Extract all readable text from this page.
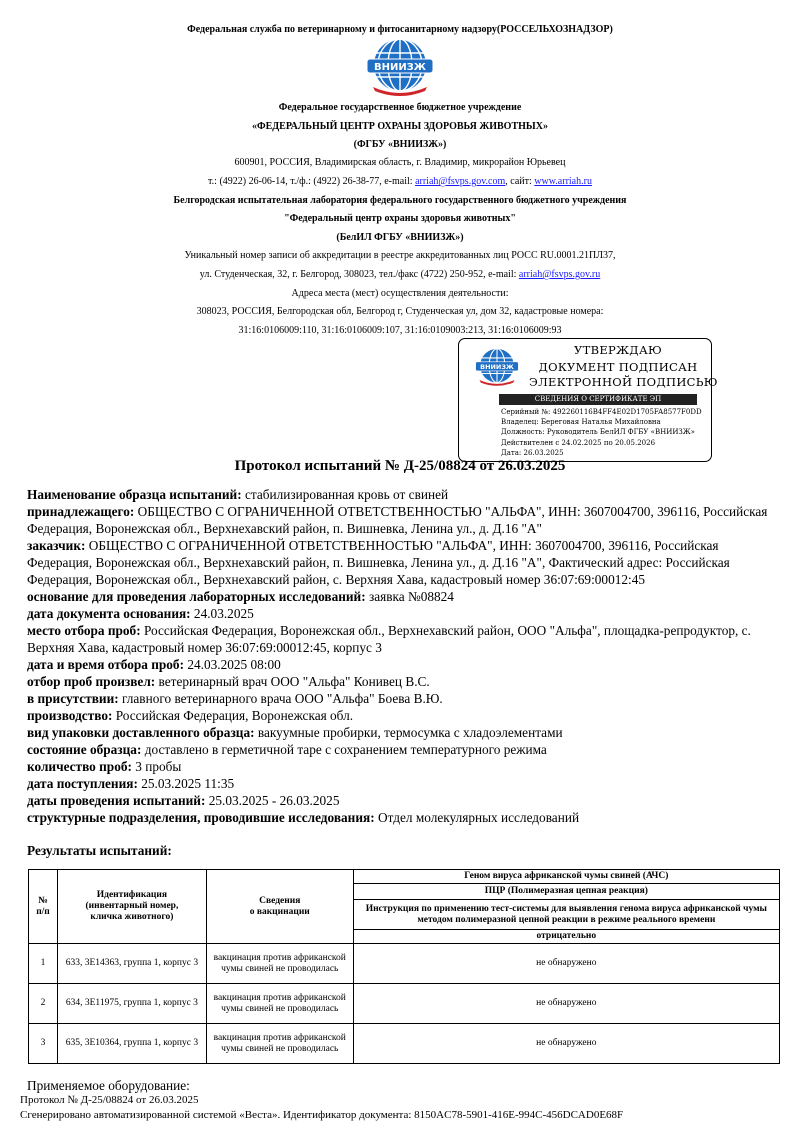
Федеральная служба по ветеринарному и фитосанитарному надзору(РОССЕЛЬХОЗНАДЗОР)
ВНИИЗЖ
Федеральное государственное бюджетное учреждение
«ФЕДЕРАЛЬНЫЙ ЦЕНТР ОХРАНЫ ЗДОРОВЬЯ ЖИВОТНЫХ»
(ФГБУ «ВНИИЗЖ»)
600901, РОССИЯ, Владимирская область, г. Владимир, микрорайон Юрьевец
т.: (4922) 26-06-14, т./ф.: (4922) 26-38-77, e-mail: arriah@fsvps.gov.com, сайт: www.arriah.ru
Белгородская испытательная лаборатория федерального государственного бюджетного учреждения
"Федеральный центр охраны здоровья животных"
(БелИЛ ФГБУ «ВНИИЗЖ»)
Уникальный номер записи об аккредитации в реестре аккредитованных лиц РОСС RU.0001.21ПЛ37,
ул. Студенческая, 32, г. Белгород, 308023, тел./факс (4722) 250-952, e-mail: arriah@fsvps.gov.ru
Адреса места (мест) осуществления деятельности:
308023, РОССИЯ, Белгородская обл, Белгород г, Студенческая ул, дом 32, кадастровые номера:
31:16:0106009:110, 31:16:0106009:107, 31:16:0109003:213, 31:16:0106009:93
ВНИИЗЖ
УТВЕРЖДАЮ
ДОКУМЕНТ ПОДПИСАН
ЭЛЕКТРОННОЙ ПОДПИСЬЮ
СВЕДЕНИЯ О СЕРТИФИКАТЕ ЭП
Серийный №: 492260116B4FF4E02D1705FA8577F0DD
Владелец: Береговая Наталья Михайловна
Должность: Руководитель БелИЛ ФГБУ «ВНИИЗЖ»
Действителен с 24.02.2025 по 20.05.2026
Дата: 26.03.2025
Протокол испытаний № Д-25/08824 от 26.03.2025
Наименование образца испытаний: стабилизированная кровь от свиней
принадлежащего: ОБЩЕСТВО С ОГРАНИЧЕННОЙ ОТВЕТСТВЕННОСТЬЮ "АЛЬФА", ИНН: 3607004700, 396116, Российская Федерация, Воронежская обл., Верхнехавский район, п. Вишневка, Ленина ул., д. Д.16 "А"
заказчик: ОБЩЕСТВО С ОГРАНИЧЕННОЙ ОТВЕТСТВЕННОСТЬЮ "АЛЬФА", ИНН: 3607004700, 396116, Российская Федерация, Воронежская обл., Верхнехавский район, п. Вишневка, Ленина ул., д. Д.16 "А", Фактический адрес: Российская Федерация, Воронежская обл., Верхнехавский район, с. Верхняя Хава, кадастровый номер 36:07:69:00012:45
основание для проведения лабораторных исследований: заявка №08824
дата документа основания: 24.03.2025
место отбора проб: Российская Федерация, Воронежская обл., Верхнехавский район, ООО "Альфа", площадка-репродуктор, с. Верхняя Хава, кадастровый номер 36:07:69:00012:45, корпус 3
дата и время отбора проб: 24.03.2025 08:00
отбор проб произвел: ветеринарный врач ООО "Альфа" Конивец В.С.
в присутствии: главного ветеринарного врача ООО "Альфа" Боева В.Ю.
производство: Российская Федерация, Воронежская обл.
вид упаковки доставленного образца: вакуумные пробирки, термосумка с хладоэлементами
состояние образца: доставлено в герметичной таре с сохранением температурного режима
количество проб: 3 пробы
дата поступления: 25.03.2025 11:35
даты проведения испытаний: 25.03.2025 - 26.03.2025
структурные подразделения, проводившие исследования: Отдел молекулярных исследований
Результаты испытаний:
№
п/п	Идентификация
(инвентарный номер,
кличка животного)	Сведения
о вакцинации	Геном вируса африканской чумы свиней (АЧС)
			ПЦР (Полимеразная цепная реакция)
			Инструкция по применению тест-системы для выявления генома вируса африканской чумы методом полимеразной цепной реакции в режиме реального времени
			отрицательно
1	633, 3Е14363, группа 1, корпус 3	вакцинация против африканской чумы свиней не проводилась	не обнаружено
2	634, 3Е11975, группа 1, корпус 3	вакцинация против африканской чумы свиней не проводилась	не обнаружено
3	635, 3Е10364, группа 1, корпус 3	вакцинация против африканской чумы свиней не проводилась	не обнаружено
Применяемое оборудование:
Протокол № Д-25/08824 от 26.03.2025
Сгенерировано автоматизированной системой «Веста». Идентификатор документа: 8150AC78-5901-416E-994C-456DCAD0E68F
